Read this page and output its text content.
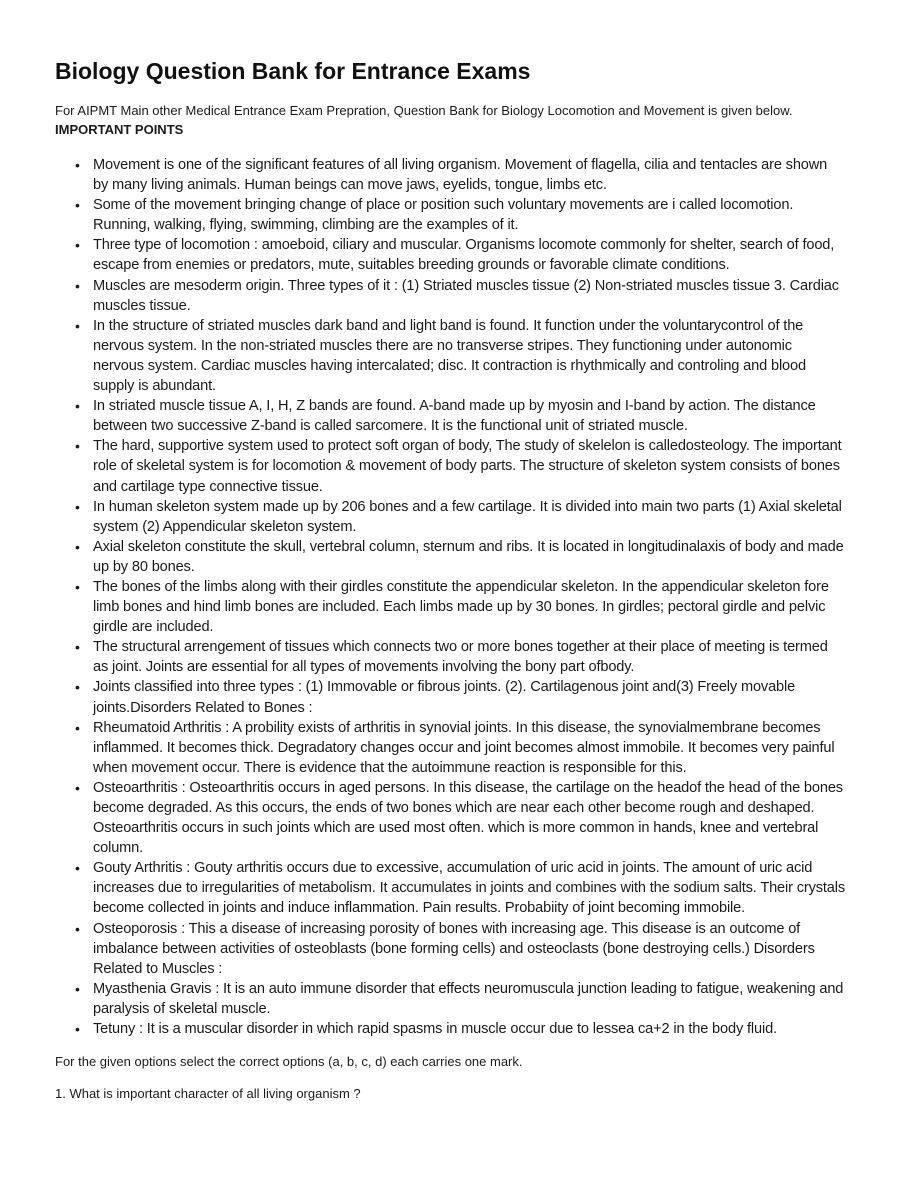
Biology Question Bank for Entrance Exams

For AIPMT Main other Medical Entrance Exam Prepration, Question Bank for Biology Locomotion and Movement is given below.

IMPORTANT POINTS

• Movement is one of the significant features of all living organism. Movement of flagella, cilia and tentacles are shown by many living animals. Human beings can move jaws, eyelids, tongue, limbs etc.
• Some of the movement bringing change of place or position such voluntary movements are i called locomotion. Running, walking, flying, swimming, climbing are the examples of it.
• Three type of locomotion : amoeboid, ciliary and muscular. Organisms locomote commonly for shelter, search of food, escape from enemies or predators, mute, suitables breeding grounds or favorable climate conditions.
• Muscles are mesoderm origin. Three types of it : (1) Striated muscles tissue (2) Non-striated muscles tissue 3. Cardiac muscles tissue.
• In the structure of striated muscles dark band and light band is found. It function under the voluntarycontrol of the nervous system. In the non-striated muscles there are no transverse stripes. They functioning under autonomic nervous system. Cardiac muscles having intercalated; disc. It contraction is rhythmically and controling and blood supply is abundant.
• In striated muscle tissue A, I, H, Z bands are found. A-band made up by myosin and I-band by action. The distance between two successive Z-band is called sarcomere. It is the functional unit of striated muscle.
• The hard, supportive system used to protect soft organ of body, The study of skelelon is calledosteology. The important role of skeletal system is for locomotion & movement of body parts. The structure of skeleton system consists of bones and cartilage type connective tissue.
• In human skeleton system made up by 206 bones and a few cartilage. It is divided into main two parts (1) Axial skeletal system (2) Appendicular skeleton system.
• Axial skeleton constitute the skull, vertebral column, sternum and ribs. It is located in longitudinalaxis of body and made up by 80 bones.
• The bones of the limbs along with their girdles constitute the appendicular skeleton. In the appendicular skeleton fore limb bones and hind limb bones are included. Each limbs made up by 30 bones. In girdles; pectoral girdle and pelvic girdle are included.
• The structural arrengement of tissues which connects two or more bones together at their place of meeting is termed as joint. Joints are essential for all types of movements involving the bony part ofbody.
• Joints classified into three types : (1) Immovable or fibrous joints. (2). Cartilagenous joint and(3) Freely movable joints.Disorders Related to Bones :
• Rheumatoid Arthritis : A probility exists of arthritis in synovial joints. In this disease, the synovialmembrane becomes inflammed. It becomes thick. Degradatory changes occur and joint becomes almost immobile. It becomes very painful when movement occur. There is evidence that the autoimmune reaction is responsible for this.
• Osteoarthritis : Osteoarthritis occurs in aged persons. In this disease, the cartilage on the headof the head of the bones become degraded. As this occurs, the ends of two bones which are near each other become rough and deshaped. Osteoarthritis occurs in such joints which are used most often. which is more common in hands, knee and vertebral column.
• Gouty Arthritis : Gouty arthritis occurs due to excessive, accumulation of uric acid in joints. The amount of uric acid increases due to irregularities of metabolism. It accumulates in joints and combines with the sodium salts. Their crystals become collected in joints and induce inflammation. Pain results. Probabiity of joint becoming immobile.
• Osteoporosis : This a disease of increasing porosity of bones with increasing age. This disease is an outcome of imbalance between activities of osteoblasts (bone forming cells) and osteoclasts (bone destroying cells.) Disorders Related to Muscles :
• Myasthenia Gravis : It is an auto immune disorder that effects neuromuscula junction leading to fatigue, weakening and paralysis of skeletal muscle.
• Tetuny : It is a muscular disorder in which rapid spasms in muscle occur due to lessea ca+2 in the body fluid.

For the given options select the correct options (a, b, c, d) each carries one mark.

1. What is important character of all living organism ?
